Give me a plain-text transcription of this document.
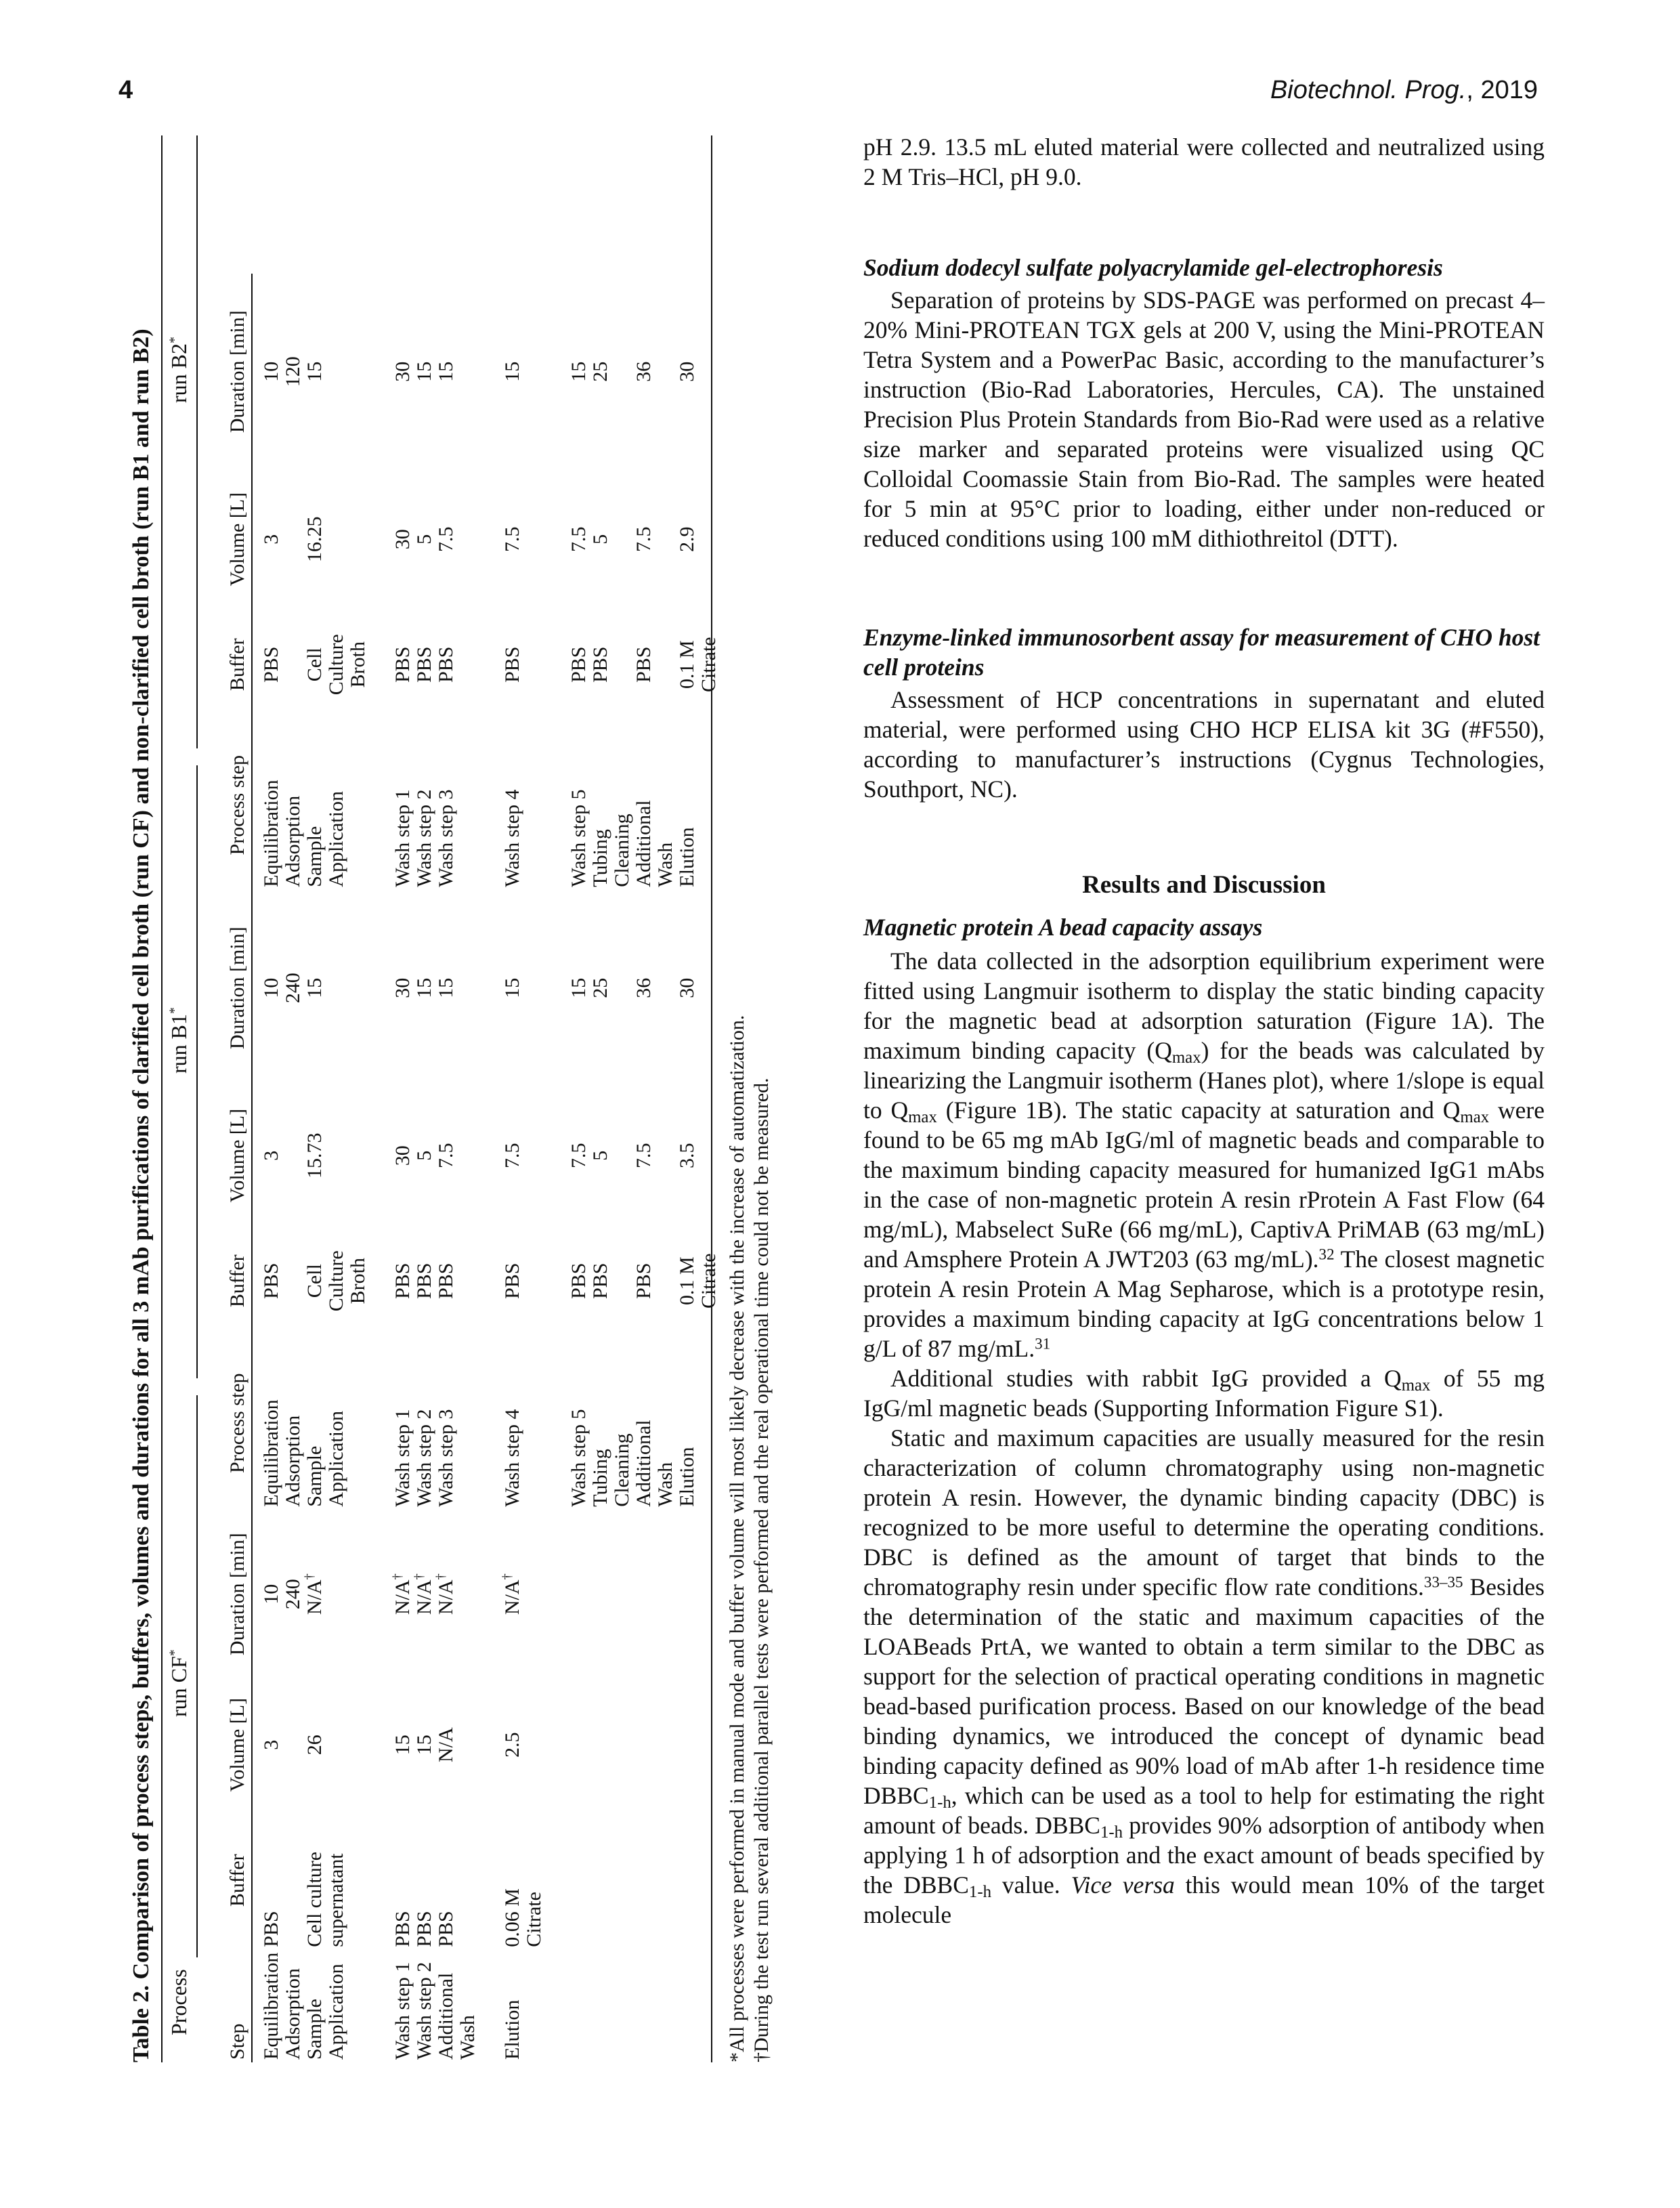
4	Biotechnol. Prog., 2019
Table 2. Comparison of process steps, buffers, volumes and durations for all 3 mAb purifications of clarified cell broth (run CF) and non-clarified cell broth (run B1 and run B2) Process
run CF*
run B1*
run B2*
Step	Buffer	Volume [L]	Duration [min]	Process step	Buffer	Volume [L]	Duration [min]	Process step	Buffer	Volume [L]	Duration [min]

Equilibration	PBS	3	10	Equilibration	PBS	3	10	Equilibration	PBS	3	10
Adsorption			240	Adsorption			240	Adsorption			120
Sample	Cell culture	26	N/A†	Sample	Cell	15.73	15	Sample	Cell	16.25	15
Application	supernatant			Application	Culture			Application	Culture		
					Broth				Broth		
Wash step 1	PBS	15	N/A†	Wash step 1	PBS	30	30	Wash step 1	PBS	30	30
Wash step 2	PBS	15	N/A†	Wash step 2	PBS	5	15	Wash step 2	PBS	5	15
Additional	PBS	N/A	N/A†	Wash step 3	PBS	7.5	15	Wash step 3	PBS	7.5	15
Wash											
Elution	0.06 M	2.5	N/A†	Wash step 4	PBS	7.5	15	Wash step 4	PBS	7.5	15
	Citrate										
				Wash step 5	PBS	7.5	15	Wash step 5	PBS	7.5	15
				Tubing	PBS	5	25	Tubing	PBS	5	25
				Cleaning				Cleaning			
				Additional	PBS	7.5	36	Additional	PBS	7.5	36
				Wash				Wash			
				Elution	0.1 M	3.5	30	Elution	0.1 M	2.9	30
					Citrate				Citrate		
*All processes were performed in manual mode and buffer volume will most likely decrease with the increase of automatization. †During the test run several additional parallel tests were performed and the real operational time could not be measured.

pH 2.9. 13.5 mL eluted material were collected and neutralized using 2 M Tris–HCl, pH 9.0.

Sodium dodecyl sulfate polyacrylamide gel-electrophoresis

Separation of proteins by SDS-PAGE was performed on precast 4–20% Mini-PROTEAN TGX gels at 200 V, using the Mini-PROTEAN Tetra System and a PowerPac Basic, according to the manufacturer’s instruction (Bio-Rad Laboratories, Hercules, CA). The unstained Precision Plus Protein Standards from Bio-Rad were used as a relative size marker and separated proteins were visualized using QC Colloidal Coomassie Stain from Bio-Rad. The samples were heated for 5 min at 95°C prior to loading, either under non-reduced or reduced conditions using 100 mM dithiothreitol (DTT).

Enzyme-linked immunosorbent assay for measurement of CHO host cell proteins

Assessment of HCP concentrations in supernatant and eluted material, were performed using CHO HCP ELISA kit 3G (#F550), according to manufacturer’s instructions (Cygnus Technologies, Southport, NC).

Results and Discussion
Magnetic protein A bead capacity assays

The data collected in the adsorption equilibrium experiment were fitted using Langmuir isotherm to display the static binding capacity for the magnetic bead at adsorption saturation (Figure 1A). The maximum binding capacity $(Q_{max})$ for the beads was calculated by linearizing the Langmuir isotherm (Hanes plot), where 1/slope is equal to $Q_{max}$ (Figure 1B). The static capacity at saturation and $Q_{max}$ were found to be 65 mg mAb IgG/ml of magnetic beads and comparable to the maximum binding capacity measured for humanized IgG1 mAbs in the case of non-magnetic protein A resin rProtein A Fast Flow (64 mg/mL), Mabselect SuRe (66 mg/mL), CaptivA PriMAB (63 mg/mL) and Amsphere Protein A JWT203 (63 mg/mL).$^{32}$ The closest magnetic protein A resin Protein A Mag Sepharose, which is a prototype resin, provides a maximum binding capacity at IgG concentrations below 1 g/L of 87 mg/mL.$^{31}$

Additional studies with rabbit IgG provided a $Q_{max}$ of 55 mg IgG/ml magnetic beads (Supporting Information Figure S1).

Static and maximum capacities are usually measured for the resin characterization of column chromatography using non-magnetic protein A resin. However, the dynamic binding capacity (DBC) is recognized to be more useful to determine the operating conditions. DBC is defined as the amount of target that binds to the chromatography resin under specific flow rate conditions.$^{33-35}$ Besides the determination of the static and maximum capacities of the LOABeads PrtA, we wanted to obtain a term similar to the DBC as support for the selection of practical operating conditions in magnetic bead-based purification process. Based on our knowledge of the bead binding dynamics, we introduced the concept of dynamic bead binding capacity defined as 90% load of mAb after 1-h residence time $DBBC_{1-h}$, which can be used as a tool to help for estimating the right amount of beads. $DBBC_{1-h}$ provides 90% adsorption of antibody when applying 1 h of adsorption and the exact amount of beads specified by the $DBBC_{1-h}$ value. Vice versa this would mean 10% of the target molecule
